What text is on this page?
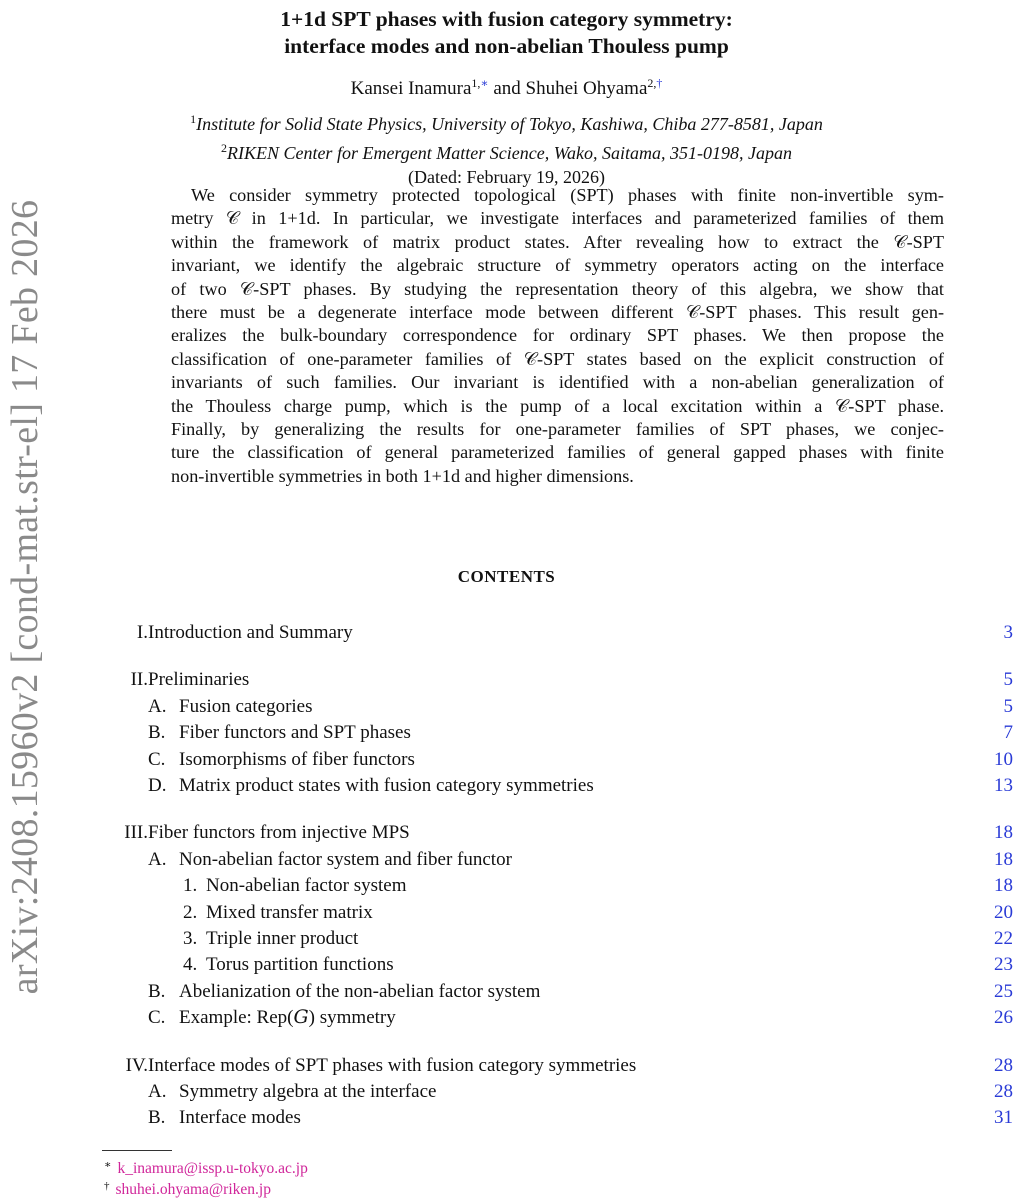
arXiv:2408.15960v2 [cond-mat.str-el] 17 Feb 2026
1+1d SPT phases with fusion category symmetry:
interface modes and non-abelian Thouless pump
Kansei Inamura$^{1,∗}$ and Shuhei Ohyama$^{2,\dagger}$
$^1$Institute for Solid State Physics, University of Tokyo, Kashiwa, Chiba 277-8581, Japan
$^2$RIKEN Center for Emergent Matter Science, Wako, Saitama, 351-0198, Japan
(Dated: February 19, 2026)
We consider symmetry protected topological (SPT) phases with finite non-invertible sym-
metry 𝒞 in 1+1d. In particular, we investigate interfaces and parameterized families of them
within the framework of matrix product states. After revealing how to extract the 𝒞-SPT
invariant, we identify the algebraic structure of symmetry operators acting on the interface
of two 𝒞-SPT phases. By studying the representation theory of this algebra, we show that
there must be a degenerate interface mode between different 𝒞-SPT phases. This result gen-
eralizes the bulk-boundary correspondence for ordinary SPT phases. We then propose the
classification of one-parameter families of 𝒞-SPT states based on the explicit construction of
invariants of such families. Our invariant is identified with a non-abelian generalization of
the Thouless charge pump, which is the pump of a local excitation within a 𝒞-SPT phase.
Finally, by generalizing the results for one-parameter families of SPT phases, we conjec-
ture the classification of general parameterized families of general gapped phases with finite
non-invertible symmetries in both 1+1d and higher dimensions.
CONTENTS
I. Introduction and Summary	3
II. Preliminaries	5
A. Fusion categories	5
B. Fiber functors and SPT phases	7
C. Isomorphisms of fiber functors	10
D. Matrix product states with fusion category symmetries	13
III. Fiber functors from injective MPS	18
A. Non-abelian factor system and fiber functor	18
1. Non-abelian factor system	18
2. Mixed transfer matrix	20
3. Triple inner product	22
4. Torus partition functions	23
B. Abelianization of the non-abelian factor system	25
C. Example: Rep(𝐺) symmetry	26
IV. Interface modes of SPT phases with fusion category symmetries	28
A. Symmetry algebra at the interface	28
B. Interface modes	31
∗ k_inamura@issp.u-tokyo.ac.jp
† shuhei.ohyama@riken.jp
